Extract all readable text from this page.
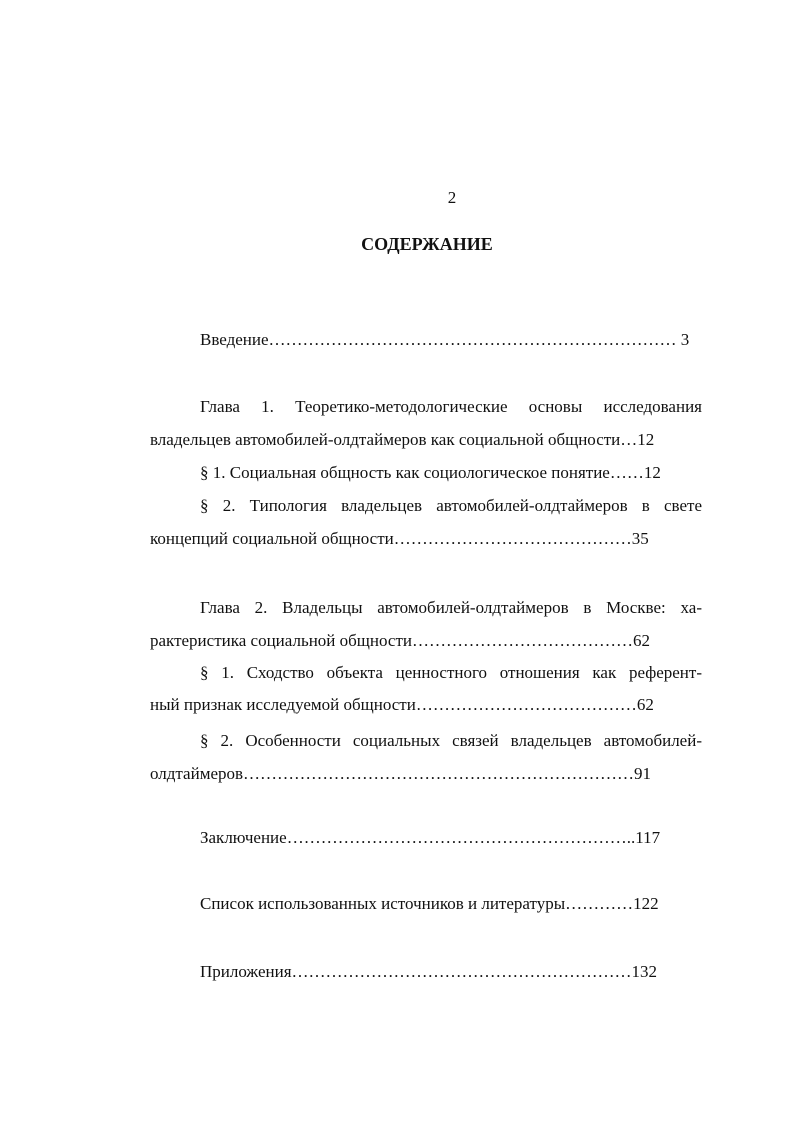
2
СОДЕРЖАНИЕ
Введение……………………………………………………………… 3
Глава 1. Теоретико-методологические основы исследования
владельцев автомобилей-олдтаймеров как социальной общности…12
§ 1. Социальная общность как социологическое понятие……12
§ 2. Типология владельцев автомобилей-олдтаймеров в свете
концепций социальной общности……………………………………35
Глава 2. Владельцы автомобилей-олдтаймеров в Москве: ха-
рактеристика социальной общности…………………………………62
§ 1. Сходство объекта ценностного отношения как референт-
ный признак исследуемой общности…………………………………62
§ 2. Особенности социальных связей владельцев автомобилей-
олдтаймеров……………………………………………………………91
Заключение……………………………………………………..117
Список использованных источников и литературы…………122
Приложения……………………………………………………132
